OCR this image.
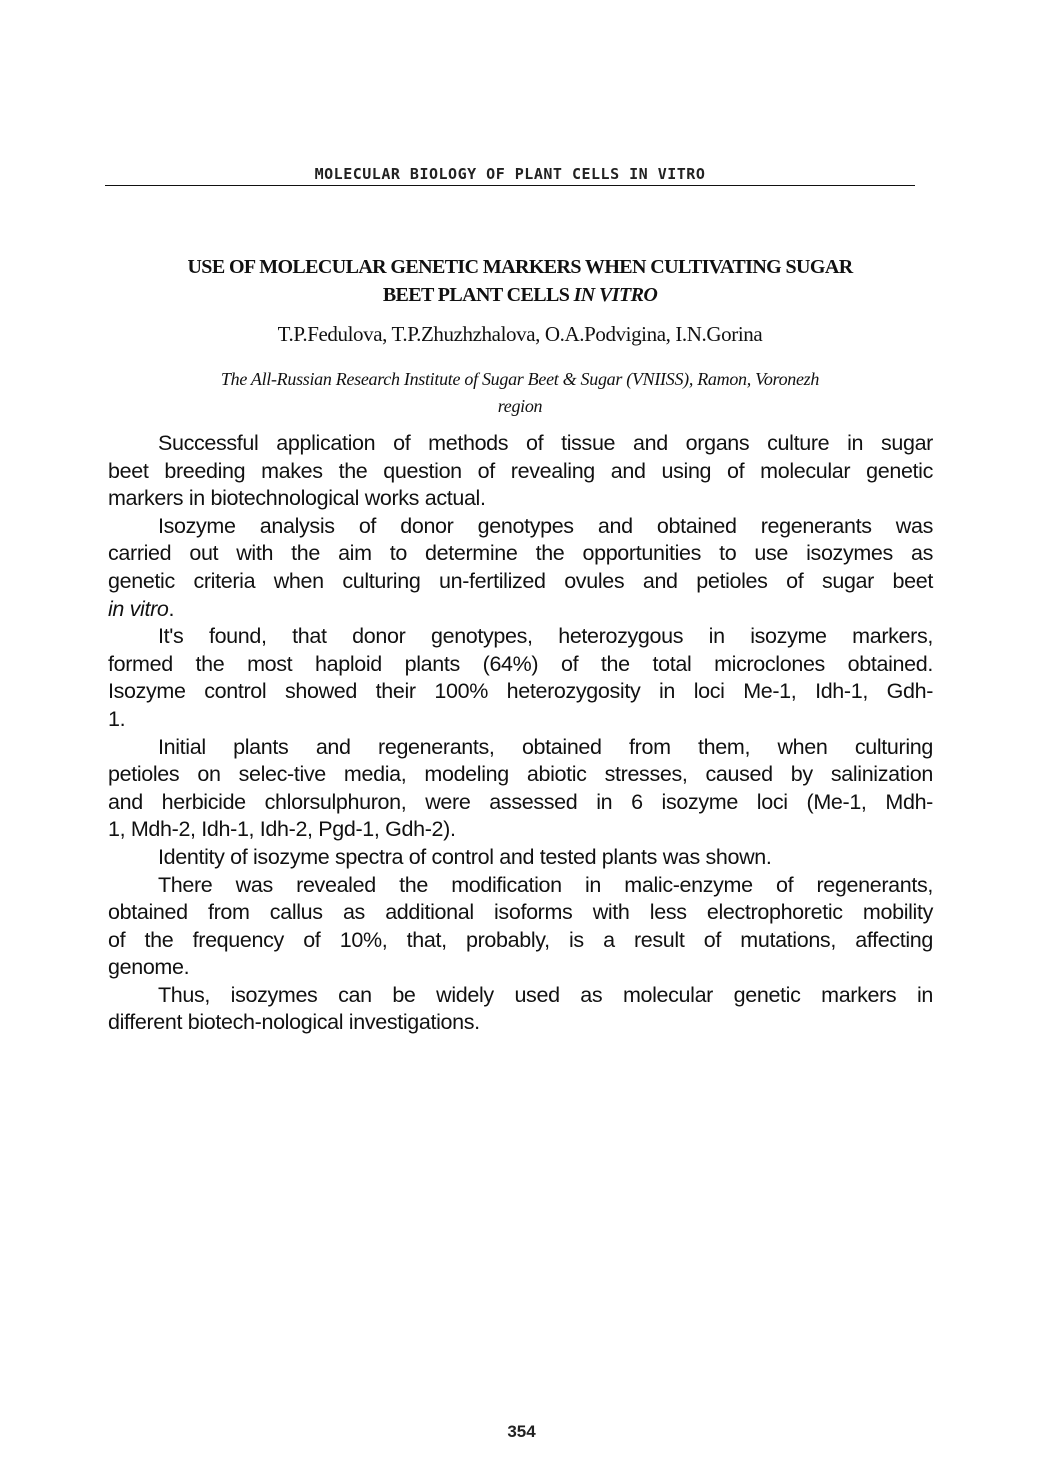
MOLECULAR BIOLOGY OF PLANT CELLS IN VITRO
USE OF MOLECULAR GENETIC MARKERS WHEN CULTIVATING SUGAR
BEET PLANT CELLS IN VITRO
T.P.Fedulova, T.P.Zhuzhzhalova, O.A.Podvigina, I.N.Gorina
The All-Russian Research Institute of Sugar Beet & Sugar (VNIISS), Ramon, Voronezh
region
Successful application of methods of tissue and organs culture in sugar
beet breeding makes the question of revealing and using of molecular genetic
markers in biotechnological works actual.
Isozyme analysis of donor genotypes and obtained regenerants was
carried out with the aim to determine the opportunities to use isozymes as
genetic criteria when culturing un-fertilized ovules and petioles of sugar beet
in vitro.
It's found, that donor genotypes, heterozygous in isozyme markers,
formed the most haploid plants (64%) of the total microclones obtained.
Isozyme control showed their 100% heterozygosity in loci Me-1, Idh-1, Gdh-
1.
Initial plants and regenerants, obtained from them, when culturing
petioles on selec-tive media, modeling abiotic stresses, caused by salinization
and herbicide chlorsulphuron, were assessed in 6 isozyme loci (Me-1, Mdh-
1, Mdh-2, Idh-1, Idh-2, Pgd-1, Gdh-2).
Identity of isozyme spectra of control and tested plants was shown.
There was revealed the modification in malic-enzyme of regenerants,
obtained from callus as additional isoforms with less electrophoretic mobility
of the frequency of 10%, that, probably, is a result of mutations, affecting
genome.
Thus, isozymes can be widely used as molecular genetic markers in
different biotech-nological investigations.
354
